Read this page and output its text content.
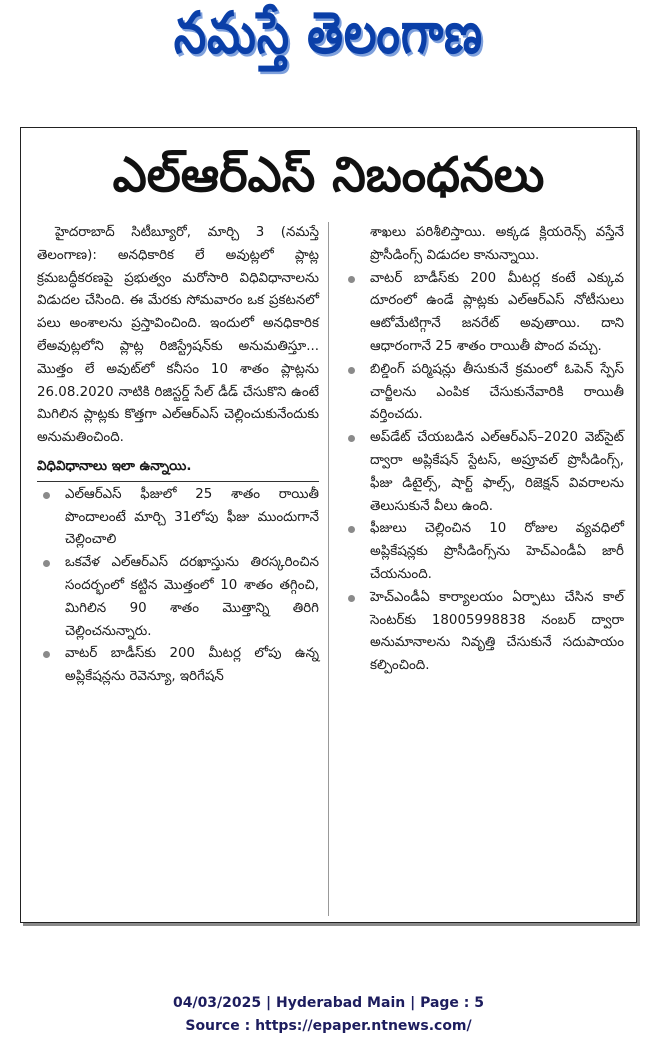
నమస్తే తెలంగాణ
ఎల్‌ఆర్‌ఎస్‌ నిబంధనలు

హైదరాబాద్‌ సిటీబ్యూరో, మార్చి 3 (నమస్తే తెలంగాణ): అనధికారిక లే అవుట్లలో ప్లాట్ల క్రమబద్ధీకరణపై ప్రభుత్వం మరోసారి విధివిధానాలను విడుదల చేసింది. ఈ మేరకు సోమవారం ఒక ప్రకటనలో పలు అంశాలను ప్రస్తావించింది. ఇందులో అనధికారిక లేఅవుట్లలోని ప్లాట్ల రిజిస్ట్రేషన్‌కు అనుమతిస్తూ... మొత్తం లే అవుట్‌లో కనీసం 10 శాతం ప్లాట్లను 26.08.2020 నాటికి రిజిస్టర్డ్‌ సేల్‌ డీడ్‌ చేసుకొని ఉంటే మిగిలిన ప్లాట్లకు కొత్తగా ఎల్‌ఆర్‌ఎస్‌ చెల్లించుకునేందుకు అనుమతించింది.

విధివిధానాలు ఇలా ఉన్నాయి.
ఎల్‌ఆర్‌ఎస్‌ ఫీజులో 25 శాతం రాయితీ పొందాలంటే మార్చి 31లోపు ఫీజు ముందుగానే చెల్లించాలి
ఒకవేళ ఎల్‌ఆర్‌ఎస్‌ దరఖాస్తును తిరస్కరించిన సందర్భంలో కట్టిన మొత్తంలో 10 శాతం తగ్గించి, మిగిలిన 90 శాతం మొత్తాన్ని తిరిగి చెల్లించనున్నారు.
వాటర్‌ బాడీస్‌కు 200 మీటర్ల లోపు ఉన్న అప్లికేషన్లను రెవెన్యూ, ఇరిగేషన్‌

శాఖలు పరిశీలిస్తాయి. అక్కడ క్లియరెన్స్‌ వస్తేనే ప్రొసీడింగ్స్‌ విడుదల కానున్నాయి.

వాటర్‌ బాడీస్‌కు 200 మీటర్ల కంటే ఎక్కువ దూరంలో ఉండే ప్లాట్లకు ఎల్‌ఆర్‌ఎస్‌ నోటీసులు ఆటోమేటిగ్గానే జనరేట్‌ అవుతాయి. దాని ఆధారంగానే 25 శాతం రాయితీ పొంద వచ్చు.
బిల్డింగ్‌ పర్మిషన్లు తీసుకునే క్రమంలో ఓపెన్‌ స్పేస్‌ చార్జీలను ఎంపిక చేసుకునేవారికి రాయితీ వర్తించదు.
అప్‌డేట్‌ చేయబడిన ఎల్‌ఆర్‌ఎస్‌–2020 వెబ్‌సైట్‌ ద్వారా అప్లికేషన్‌ స్టేటస్‌, అప్రూవల్‌ ప్రొసీడింగ్స్‌, ఫీజు డిటైల్స్‌, షార్ట్‌ ఫాల్స్‌, రిజెక్షన్‌ వివరాలను తెలుసుకునే వీలు ఉంది.
ఫీజులు చెల్లించిన 10 రోజుల వ్యవధిలో అప్లికేషన్లకు ప్రొసీడింగ్స్‌ను హెచ్‌ఎండీఏ జారీ చేయనుంది.
హెచ్‌ఎండీఏ కార్యాలయం ఏర్పాటు చేసిన కాల్‌ సెంటర్‌కు 18005998838 నంబర్‌ ద్వారా అనుమానాలను నివృత్తి చేసుకునే సదుపాయం కల్పించింది.
04/03/2025 | Hyderabad Main | Page : 5
Source : https://epaper.ntnews.com/
